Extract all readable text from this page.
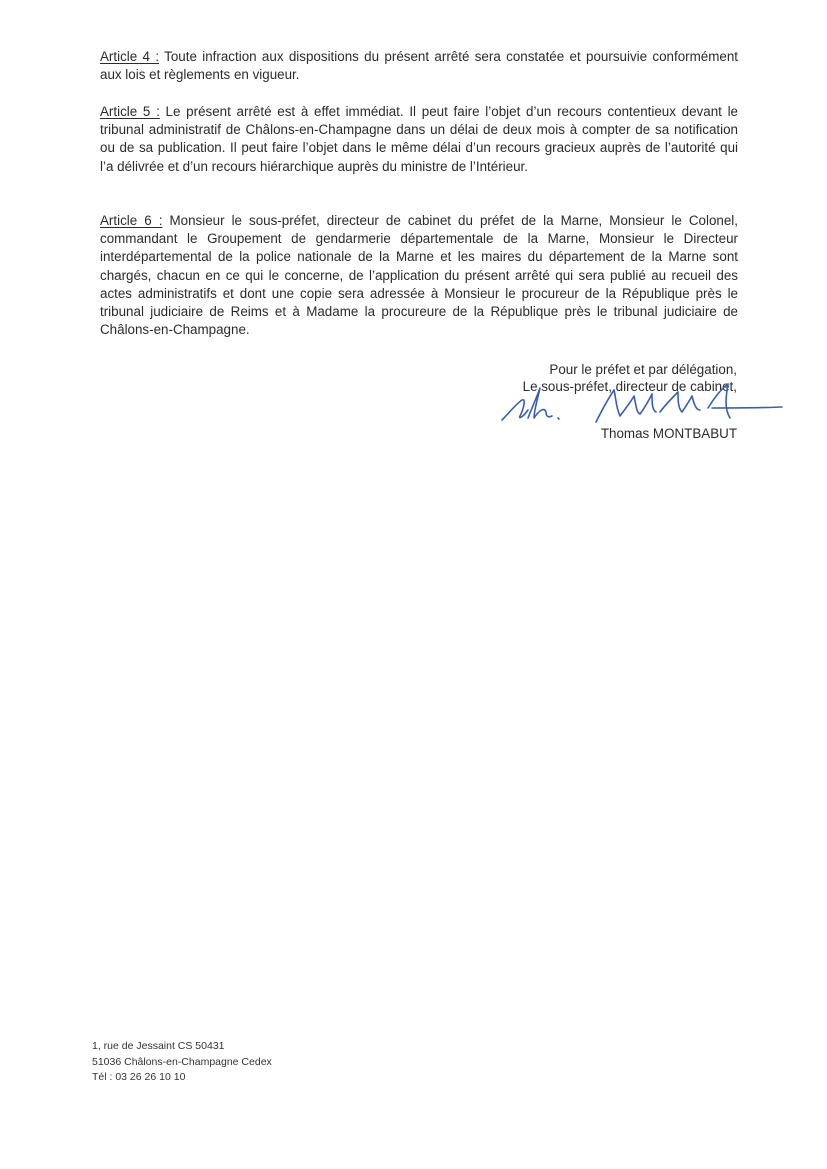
Article 4 : Toute infraction aux dispositions du présent arrêté sera constatée et poursuivie conformément aux lois et règlements en vigueur.

Article 5 : Le présent arrêté est à effet immédiat. Il peut faire l’objet d’un recours contentieux devant le tribunal administratif de Châlons-en-Champagne dans un délai de deux mois à compter de sa notification ou de sa publication. Il peut faire l’objet dans le même délai d’un recours gracieux auprès de l’autorité qui l’a délivrée et d’un recours hiérarchique auprès du ministre de l’Intérieur.

Article 6 : Monsieur le sous-préfet, directeur de cabinet du préfet de la Marne, Monsieur le Colonel, commandant le Groupement de gendarmerie départementale de la Marne, Monsieur le Directeur interdépartemental de la police nationale de la Marne et les maires du département de la Marne sont chargés, chacun en ce qui le concerne, de l’application du présent arrêté qui sera publié au recueil des actes administratifs et dont une copie sera adressée à Monsieur le procureur de la République près le tribunal judiciaire de Reims et à Madame la procureure de la République près le tribunal judiciaire de Châlons-en-Champagne.

Pour le préfet et par délégation,
Le sous-préfet, directeur de cabinet,
Thomas MONTBABUT
1, rue de Jessaint CS 50431
51036 Châlons-en-Champagne Cedex
Tél : 03 26 26 10 10
